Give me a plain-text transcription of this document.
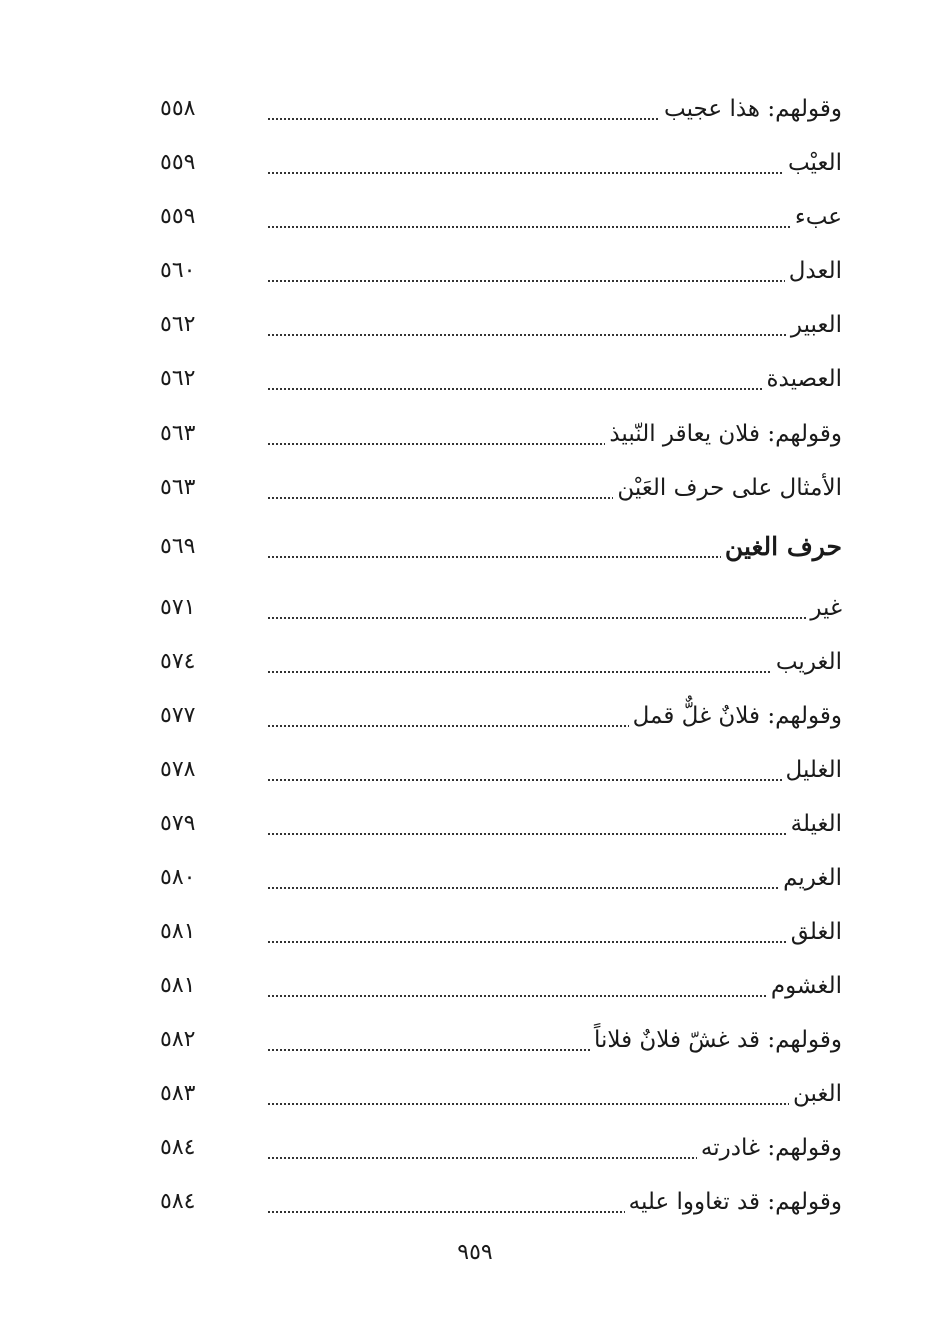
٥٥٨	وقولهم: هذا عجيب
٥٥٩	العيْب
٥٥٩	عبء
٥٦٠	العدل
٥٦٢	العبير
٥٦٢	العصيدة
٥٦٣	وقولهم: فلان يعاقر النّبيذ
٥٦٣	الأمثال على حرف العَيْن
٥٦٩	حرف الغين
٥٧١	غير
٥٧٤	الغريب
٥٧٧	وقولهم: فلانٌ غلٌّ قمل
٥٧٨	الغليل
٥٧٩	الغيلة
٥٨٠	الغريم
٥٨١	الغلق
٥٨١	الغشوم
٥٨٢	وقولهم: قد غشّ فلانٌ فلاناً
٥٨٣	الغبن
٥٨٤	وقولهم: غادرته
٥٨٤	وقولهم: قد تغاووا عليه
٩٥٩
